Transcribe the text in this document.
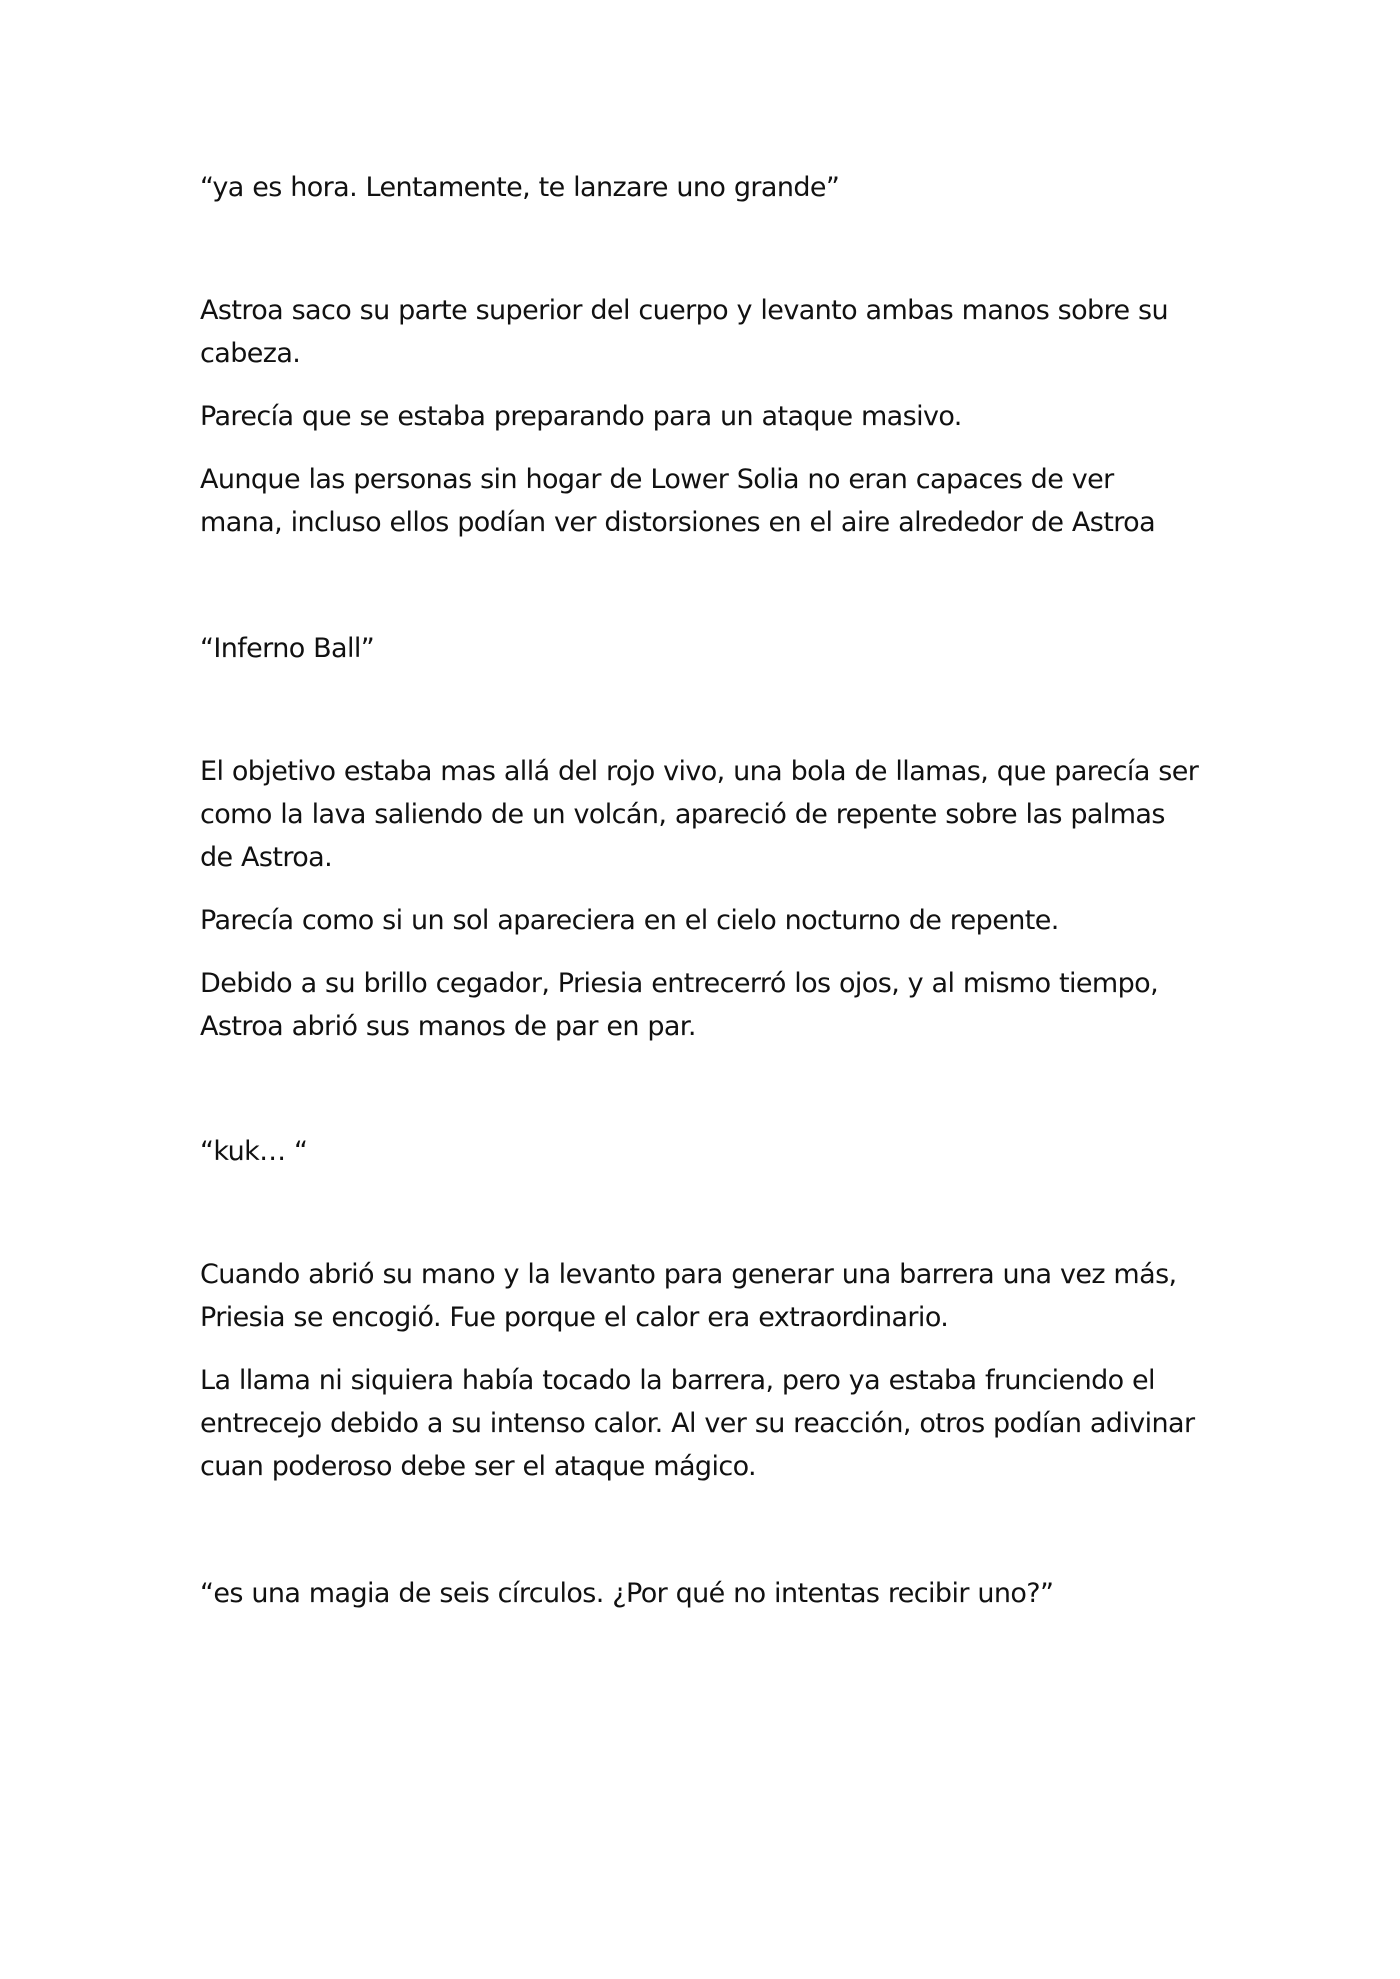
“ya es hora. Lentamente, te lanzare uno grande”

Astroa saco su parte superior del cuerpo y levanto ambas manos sobre su cabeza.

Parecía que se estaba preparando para un ataque masivo.

Aunque las personas sin hogar de Lower Solia no eran capaces de ver mana, incluso ellos podían ver distorsiones en el aire alrededor de Astroa

“Inferno Ball”

El objetivo estaba mas allá del rojo vivo, una bola de llamas, que parecía ser como la lava saliendo de un volcán, apareció de repente sobre las palmas de Astroa.

Parecía como si un sol apareciera en el cielo nocturno de repente.

Debido a su brillo cegador, Priesia entrecerró los ojos, y al mismo tiempo, Astroa abrió sus manos de par en par.

“kuk… “

Cuando abrió su mano y la levanto para generar una barrera una vez más, Priesia se encogió. Fue porque el calor era extraordinario.

La llama ni siquiera había tocado la barrera, pero ya estaba frunciendo el entrecejo debido a su intenso calor. Al ver su reacción, otros podían adivinar cuan poderoso debe ser el ataque mágico.

“es una magia de seis círculos. ¿Por qué no intentas recibir uno?”
